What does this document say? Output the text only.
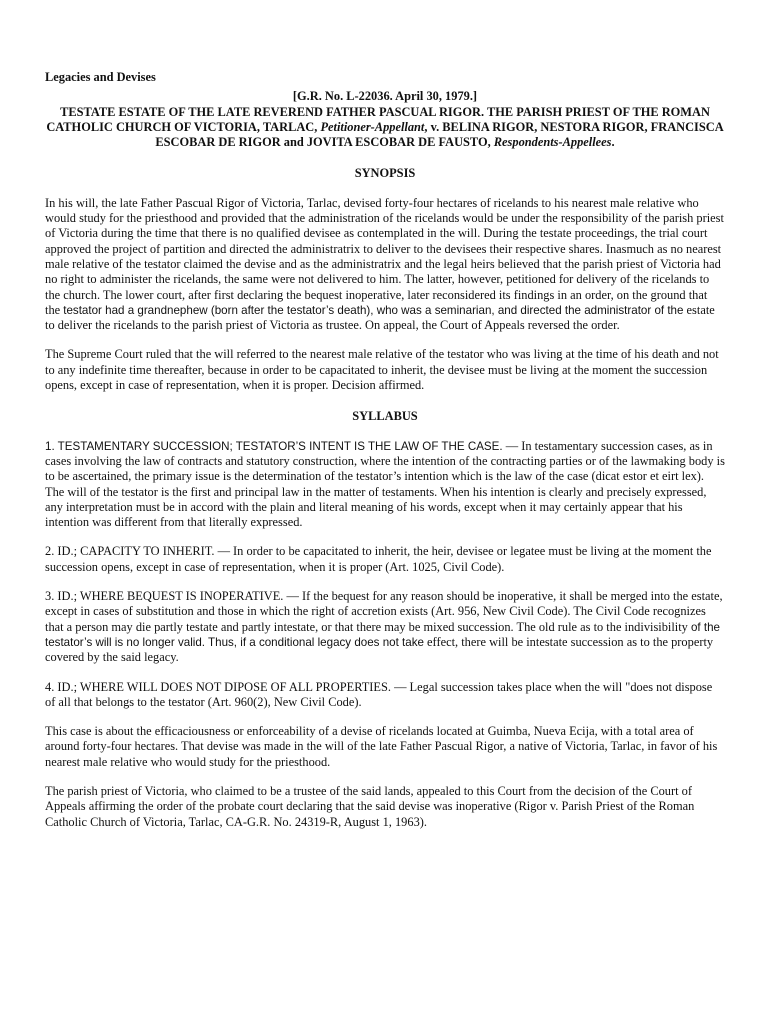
Legacies and Devises
[G.R. No. L-22036. April 30, 1979.]
TESTATE ESTATE OF THE LATE REVEREND FATHER PASCUAL RIGOR. THE PARISH PRIEST OF THE ROMAN CATHOLIC CHURCH OF VICTORIA, TARLAC, Petitioner-Appellant, v. BELINA RIGOR, NESTORA RIGOR, FRANCISCA ESCOBAR DE RIGOR and JOVITA ESCOBAR DE FAUSTO, Respondents-Appellees.
SYNOPSIS

In his will, the late Father Pascual Rigor of Victoria, Tarlac, devised forty-four hectares of ricelands to his nearest male relative who would study for the priesthood and provided that the administration of the ricelands would be under the responsibility of the parish priest of Victoria during the time that there is no qualified devisee as contemplated in the will. During the testate proceedings, the trial court approved the project of partition and directed the administratrix to deliver to the devisees their respective shares. Inasmuch as no nearest male relative of the testator claimed the devise and as the administratrix and the legal heirs believed that the parish priest of Victoria had no right to administer the ricelands, the same were not delivered to him. The latter, however, petitioned for delivery of the ricelands to the church. The lower court, after first declaring the bequest inoperative, later reconsidered its findings in an order, on the ground that the testator had a grandnephew (born after the testator’s death), who was a seminarian, and directed the administrator of the estate to deliver the ricelands to the parish priest of Victoria as trustee. On appeal, the Court of Appeals reversed the order.

The Supreme Court ruled that the will referred to the nearest male relative of the testator who was living at the time of his death and not to any indefinite time thereafter, because in order to be capacitated to inherit, the devisee must be living at the moment the succession opens, except in case of representation, when it is proper. Decision affirmed.

SYLLABUS

1. TESTAMENTARY SUCCESSION; TESTATOR’S INTENT IS THE LAW OF THE CASE. — In testamentary succession cases, as in cases involving the law of contracts and statutory construction, where the intention of the contracting parties or of the lawmaking body is to be ascertained, the primary issue is the determination of the testator’s intention which is the law of the case (dicat estor et eirt lex). The will of the testator is the first and principal law in the matter of testaments. When his intention is clearly and precisely expressed, any interpretation must be in accord with the plain and literal meaning of his words, except when it may certainly appear that his intention was different from that literally expressed.

2. ID.; CAPACITY TO INHERIT. — In order to be capacitated to inherit, the heir, devisee or legatee must be living at the moment the succession opens, except in case of representation, when it is proper (Art. 1025, Civil Code).

3. ID.; WHERE BEQUEST IS INOPERATIVE. — If the bequest for any reason should be inoperative, it shall be merged into the estate, except in cases of substitution and those in which the right of accretion exists (Art. 956, New Civil Code). The Civil Code recognizes that a person may die partly testate and partly intestate, or that there may be mixed succession. The old rule as to the indivisibility of the testator’s will is no longer valid. Thus, if a conditional legacy does not take effect, there will be intestate succession as to the property covered by the said legacy.

4. ID.; WHERE WILL DOES NOT DIPOSE OF ALL PROPERTIES. — Legal succession takes place when the will "does not dispose of all that belongs to the testator (Art. 960(2), New Civil Code).

This case is about the efficaciousness or enforceability of a devise of ricelands located at Guimba, Nueva Ecija, with a total area of around forty-four hectares. That devise was made in the will of the late Father Pascual Rigor, a native of Victoria, Tarlac, in favor of his nearest male relative who would study for the priesthood.

The parish priest of Victoria, who claimed to be a trustee of the said lands, appealed to this Court from the decision of the Court of Appeals affirming the order of the probate court declaring that the said devise was inoperative (Rigor v. Parish Priest of the Roman Catholic Church of Victoria, Tarlac, CA-G.R. No. 24319-R, August 1, 1963).
